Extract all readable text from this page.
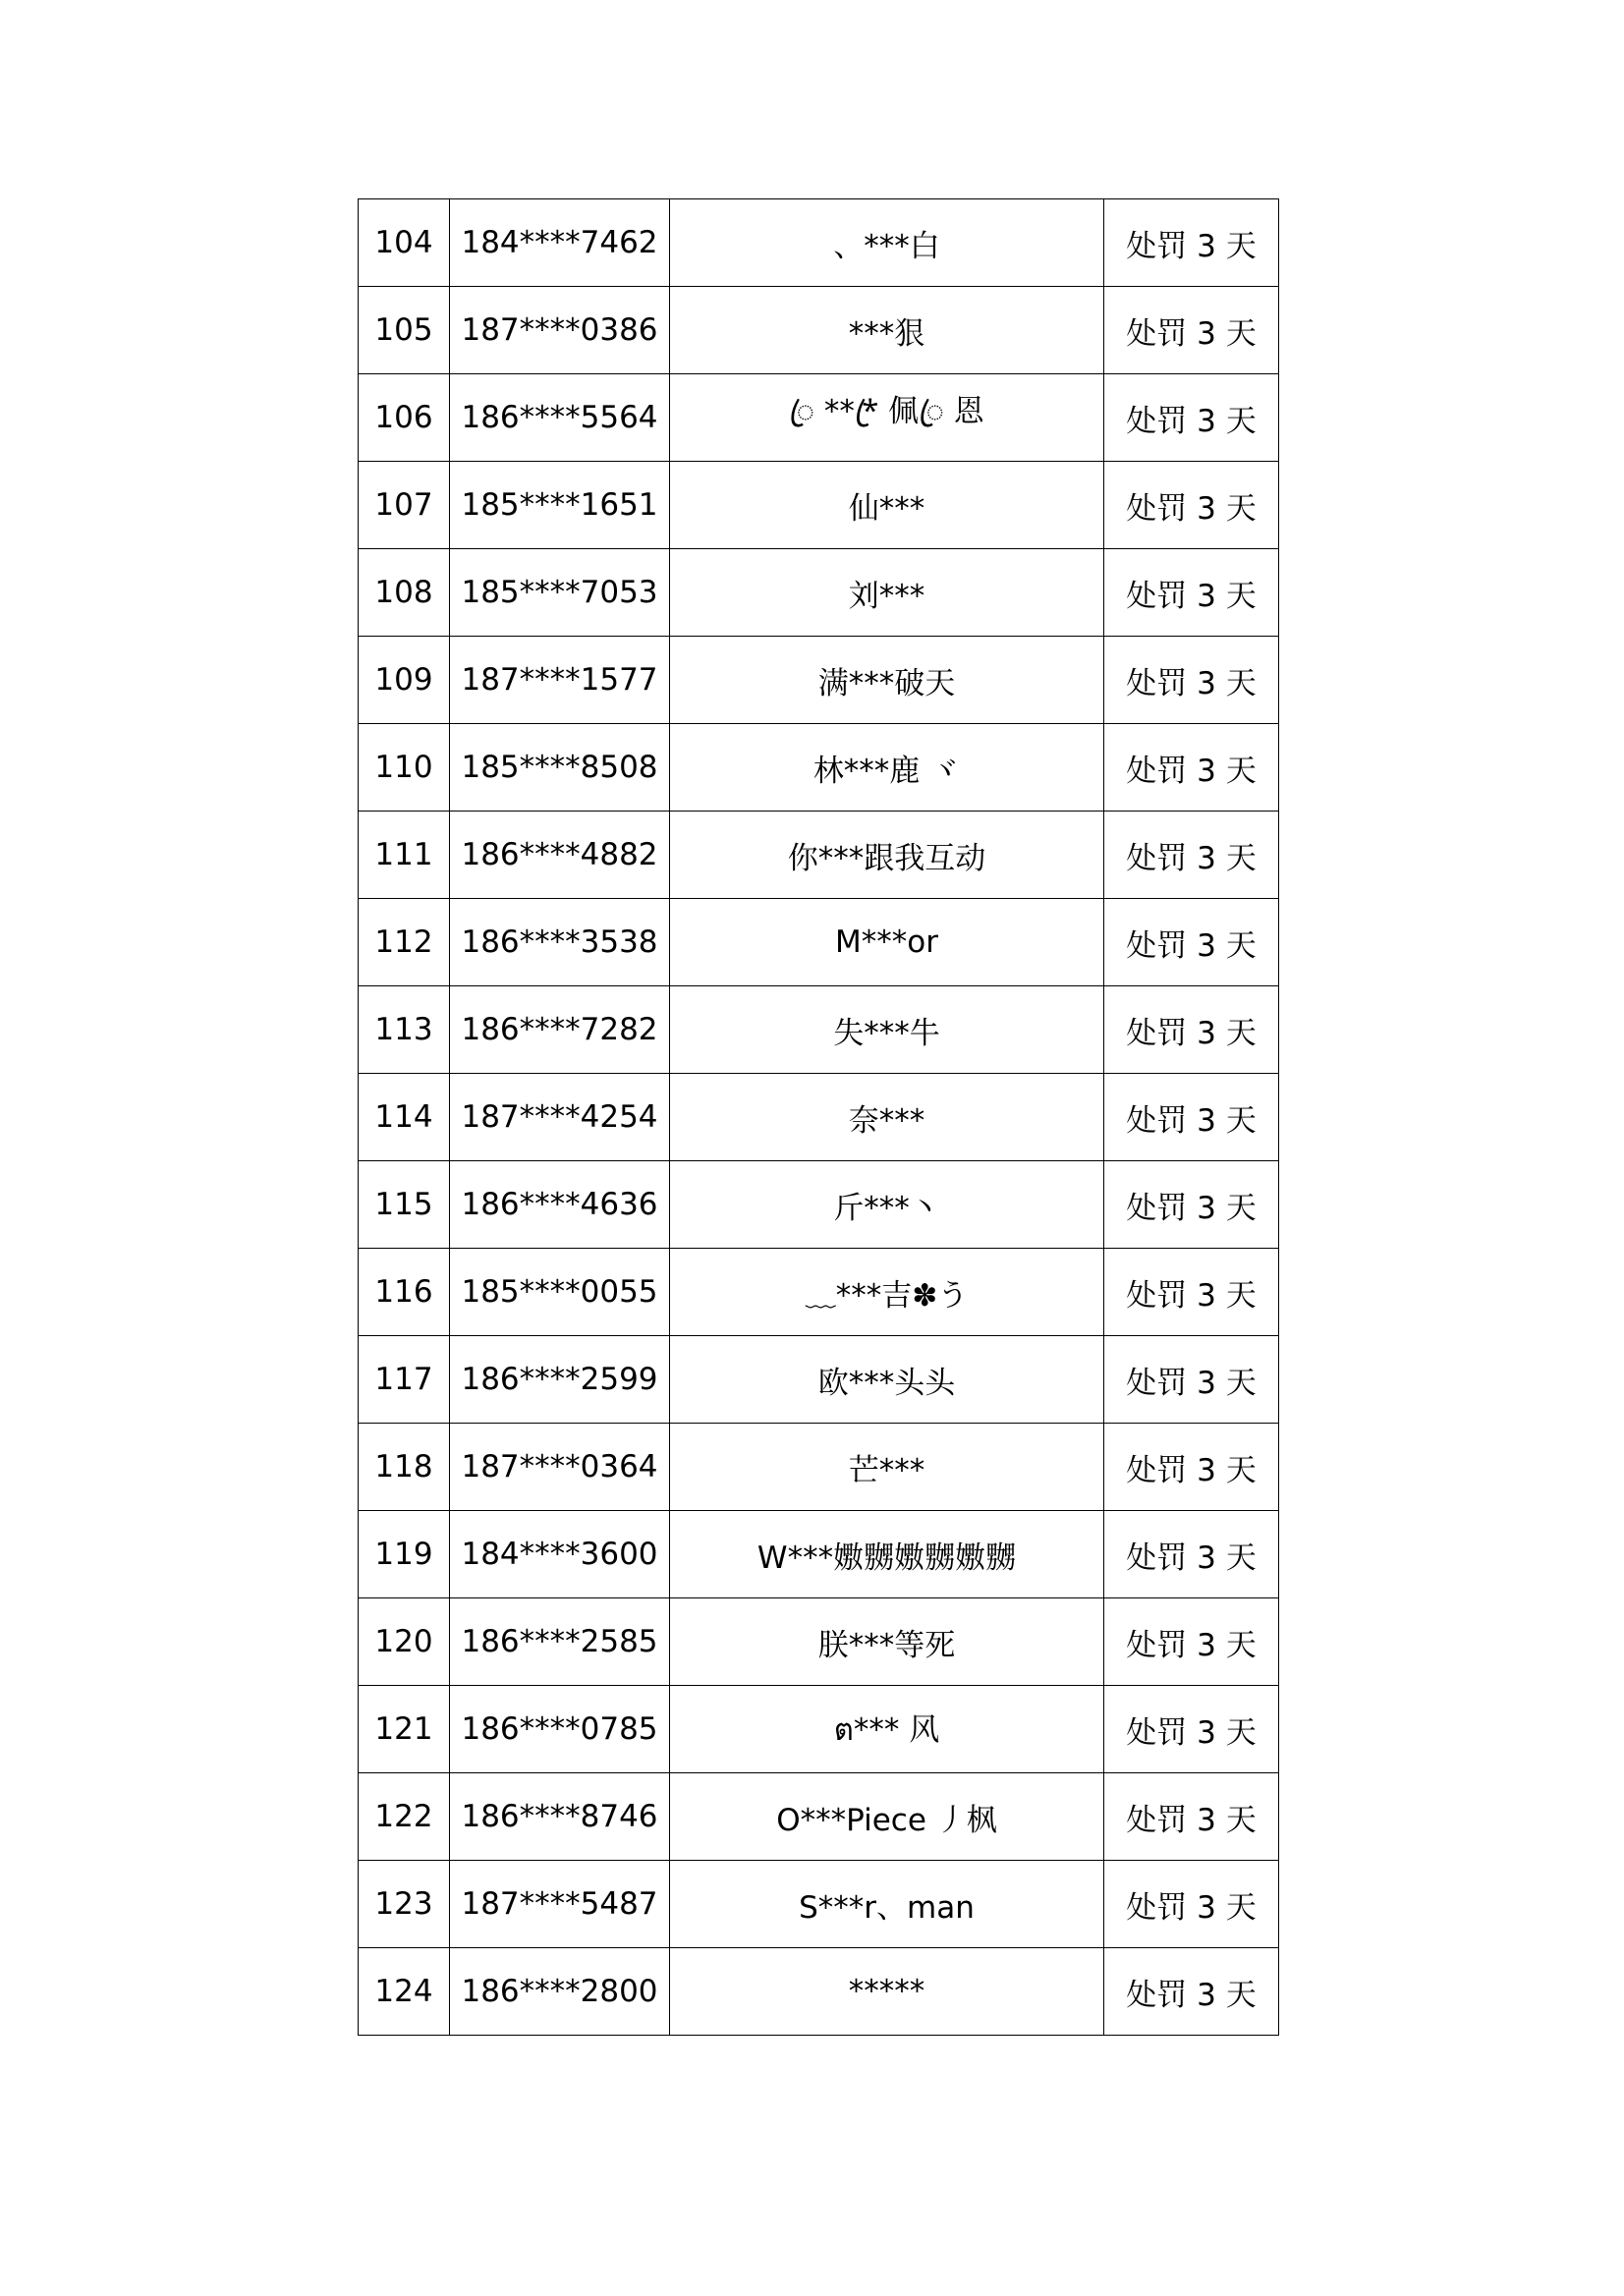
104	184****7462	、***白	处罚 3 天
105	187****0386	***狠	处罚 3 天
106	186****5564	ꦿ ***ꦿ 佩ꦿ 恩	处罚 3 天
107	185****1651	仙***	处罚 3 天
108	185****7053	刘***	处罚 3 天
109	187****1577	满***破天	处罚 3 天
110	185****8508	林***鹿 ヾ	处罚 3 天
111	186****4882	你***跟我互动	处罚 3 天
112	186****3538	M***or	处罚 3 天
113	186****7282	失***牛	处罚 3 天
114	187****4254	奈***	处罚 3 天
115	186****4636	斤***丶	处罚 3 天
116	185****0055	﹏***吉✽う	处罚 3 天
117	186****2599	欧***头头	处罚 3 天
118	187****0364	芒***	处罚 3 天
119	184****3600	W***嫐嬲嫐嬲嫐嬲	处罚 3 天
120	186****2585	朕***等死	处罚 3 天
121	186****0785	ต*** 风	处罚 3 天
122	186****8746	O***Piece 丿枫	处罚 3 天
123	187****5487	S***r、man	处罚 3 天
124	186****2800	*****	处罚 3 天
